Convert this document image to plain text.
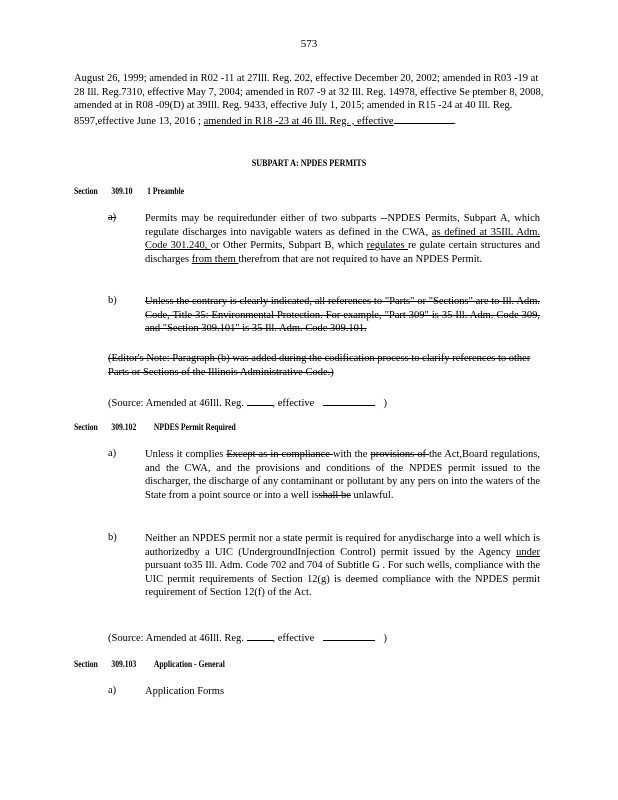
573
August 26, 1999; amended in R02 -11 at 27Ill. Reg. 202, effective December 20, 2002; amended in R03 -19 at 28 Ill. Reg.7310, effective May 7, 2004; amended in R07 -9 at 32 Ill. Reg. 14978, effective Se ptember 8, 2008, amended at in R08 -09(D) at 39Ill. Reg. 9433, effective July 1, 2015; amended in R15 -24 at 40 Ill. Reg. 8597,effective June 13, 2016 ; amended in R18 -23 at 46 Ill. Reg. , effective	.
SUBPART A: NPDES PERMITS
Section 309.10 1 Preamble
a)	Permits may be requiredunder either of two subparts --NPDES Permits, Subpart A, which regulate discharges into navigable waters as defined in the CWA, as defined at 35Ill. Adm. Code 301.240, or Other Permits, Subpart B, which regulates re gulate certain structures and discharges from them therefrom that are not required to have an NPDES Permit.
b)	Unless the contrary is clearly indicated, all references to "Parts" or "Sections" are to Ill. Adm. Code, Title 35: Environmental Protection. For example, "Part 309" is 35 Ill. Adm. Code 309, and "Section 309.101" is 35 Ill. Adm. Code 309.101.
(Editor's Note: Paragraph (b) was added during the codification process to clarify references to other Parts or Sections of the Illinois Administrative Code.)
(Source: Amended at 46Ill. Reg.	, effective	)
Section 309.102 NPDES Permit Required
a)	Unless it complies Except as in compliance with the provisions of the Act,Board regulations, and the CWA, and the provisions and conditions of the NPDES permit issued to the discharger, the discharge of any contaminant or pollutant by any pers on into the waters of the State from a point source or into a well isshall be unlawful.
b)	Neither an NPDES permit nor a state permit is required for anydischarge into a well which is authorizedby a UIC (UndergroundInjection Control) permit issued by the Agency under pursuant to35 Ill. Adm. Code 702 and 704 of Subtitle G . For such wells, compliance with the UIC permit requirements of Section 12(g) is deemed compliance with the NPDES permit requirement of Section 12(f) of the Act.
(Source: Amended at 46Ill. Reg.	, effective	)
Section 309.103 Application - General
a)	Application Forms
